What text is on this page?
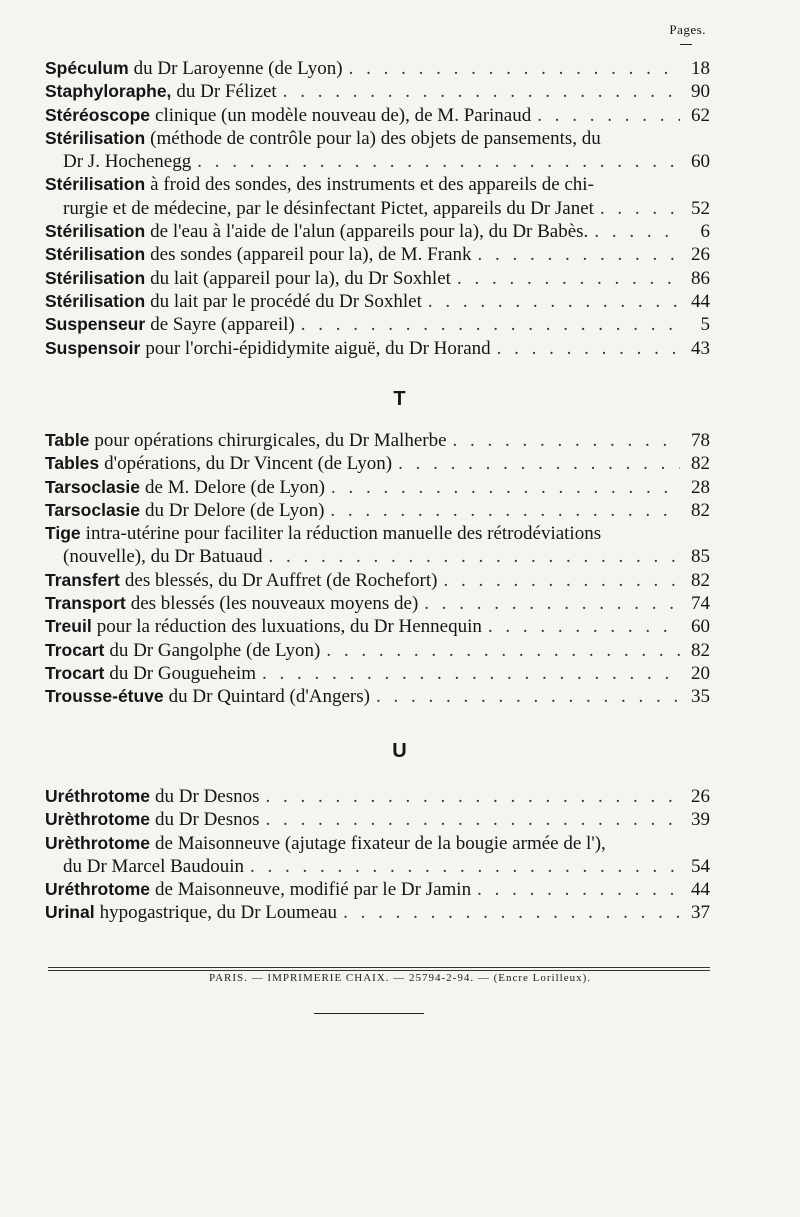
Pages.
Spéculum du Dr Laroyenne (de Lyon) . . .	18
Staphyloraphe, du Dr Félizet . . .	90
Stéréoscope clinique (un modèle nouveau de), de M. Parinaud . . .	62
Stérilisation (méthode de contrôle pour la) des objets de pansements, du
Dr J. Hochenegg . . .	60
Stérilisation à froid des sondes, des instruments et des appareils de chi-
rurgie et de médecine, par le désinfectant Pictet, appareils du Dr Janet . . .	52
Stérilisation de l'eau à l'aide de l'alun (appareils pour la), du Dr Babès. . . .	6
Stérilisation des sondes (appareil pour la), de M. Frank . . .	26
Stérilisation du lait (appareil pour la), du Dr Soxhlet . . .	86
Stérilisation du lait par le procédé du Dr Soxhlet . . .	44
Suspenseur de Sayre (appareil) . . .	5
Suspensoir pour l'orchi-épididymite aiguë, du Dr Horand . . .	43
T
Table pour opérations chirurgicales, du Dr Malherbe . . .	78
Tables d'opérations, du Dr Vincent (de Lyon) . . .	82
Tarsoclasie de M. Delore (de Lyon) . . .	28
Tarsoclasie du Dr Delore (de Lyon) . . .	82
Tige intra-utérine pour faciliter la réduction manuelle des rétrodéviations
(nouvelle), du Dr Batuaud . . .	85
Transfert des blessés, du Dr Auffret (de Rochefort) . . .	82
Transport des blessés (les nouveaux moyens de) . . .	74
Treuil pour la réduction des luxuations, du Dr Hennequin . . .	60
Trocart du Dr Gangolphe (de Lyon) . . .	82
Trocart du Dr Gougueheim . . .	20
Trousse-étuve du Dr Quintard (d'Angers) . . .	35
U
Uréthrotome du Dr Desnos . . .	26
Urèthrotome du Dr Desnos . . .	39
Urèthrotome de Maisonneuve (ajutage fixateur de la bougie armée de l'),
du Dr Marcel Baudouin . . .	54
Uréthrotome de Maisonneuve, modifié par le Dr Jamin . . .	44
Urinal hypogastrique, du Dr Loumeau . . .	37
PARIS. — IMPRIMERIE CHAIX. — 25794-2-94. — (Encre Lorilleux).
